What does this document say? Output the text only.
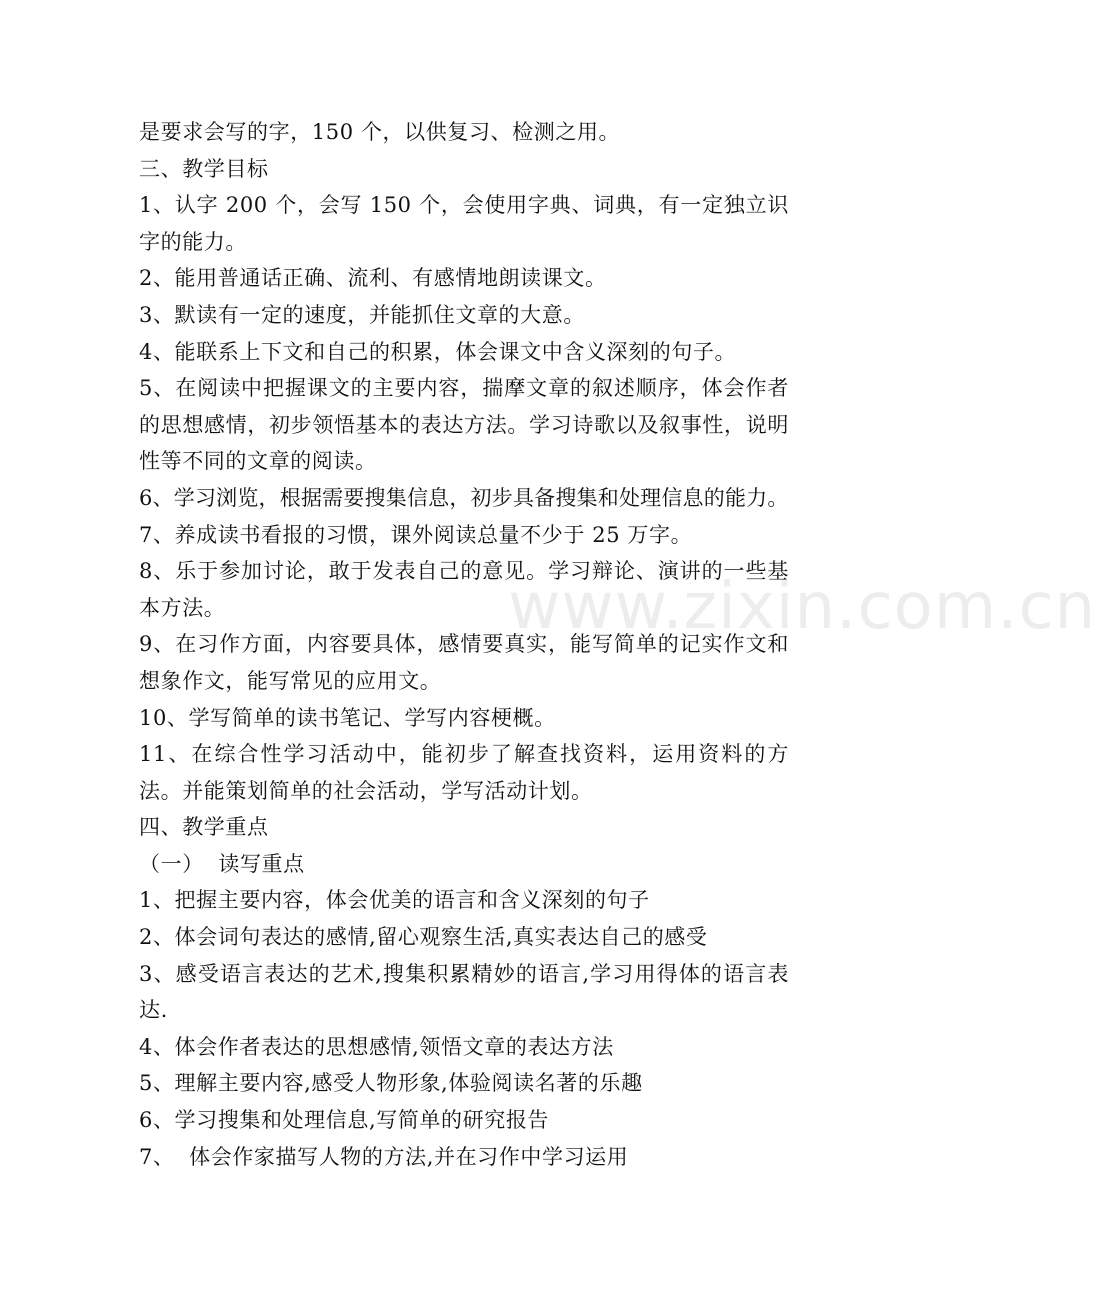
是要求会写的字，150 个，以供复习、检测之用。
三、教学目标
1、认字 200 个，会写 150 个，会使用字典、词典，有一定独立识字的能力。
2、能用普通话正确、流利、有感情地朗读课文。
3、默读有一定的速度，并能抓住文章的大意。
4、能联系上下文和自己的积累，体会课文中含义深刻的句子。
5、在阅读中把握课文的主要内容，揣摩文章的叙述顺序，体会作者的思想感情，初步领悟基本的表达方法。学习诗歌以及叙事性，说明性等不同的文章的阅读。
6、学习浏览，根据需要搜集信息，初步具备搜集和处理信息的能力。
7、养成读书看报的习惯，课外阅读总量不少于 25 万字。
8、乐于参加讨论，敢于发表自己的意见。学习辩论、演讲的一些基本方法。
9、在习作方面，内容要具体，感情要真实，能写简单的记实作文和想象作文，能写常见的应用文。
10、学写简单的读书笔记、学写内容梗概。
11、在综合性学习活动中，能初步了解查找资料，运用资料的方法。并能策划简单的社会活动，学写活动计划。
四、教学重点
（一）  读写重点
1、把握主要内容，体会优美的语言和含义深刻的句子
2、体会词句表达的感情,留心观察生活,真实表达自己的感受
3、感受语言表达的艺术,搜集积累精妙的语言,学习用得体的语言表达.
4、体会作者表达的思想感情,领悟文章的表达方法
5、理解主要内容,感受人物形象,体验阅读名著的乐趣
6、学习搜集和处理信息,写简单的研究报告
7、  体会作家描写人物的方法,并在习作中学习运用
www.zixin.com.cn
